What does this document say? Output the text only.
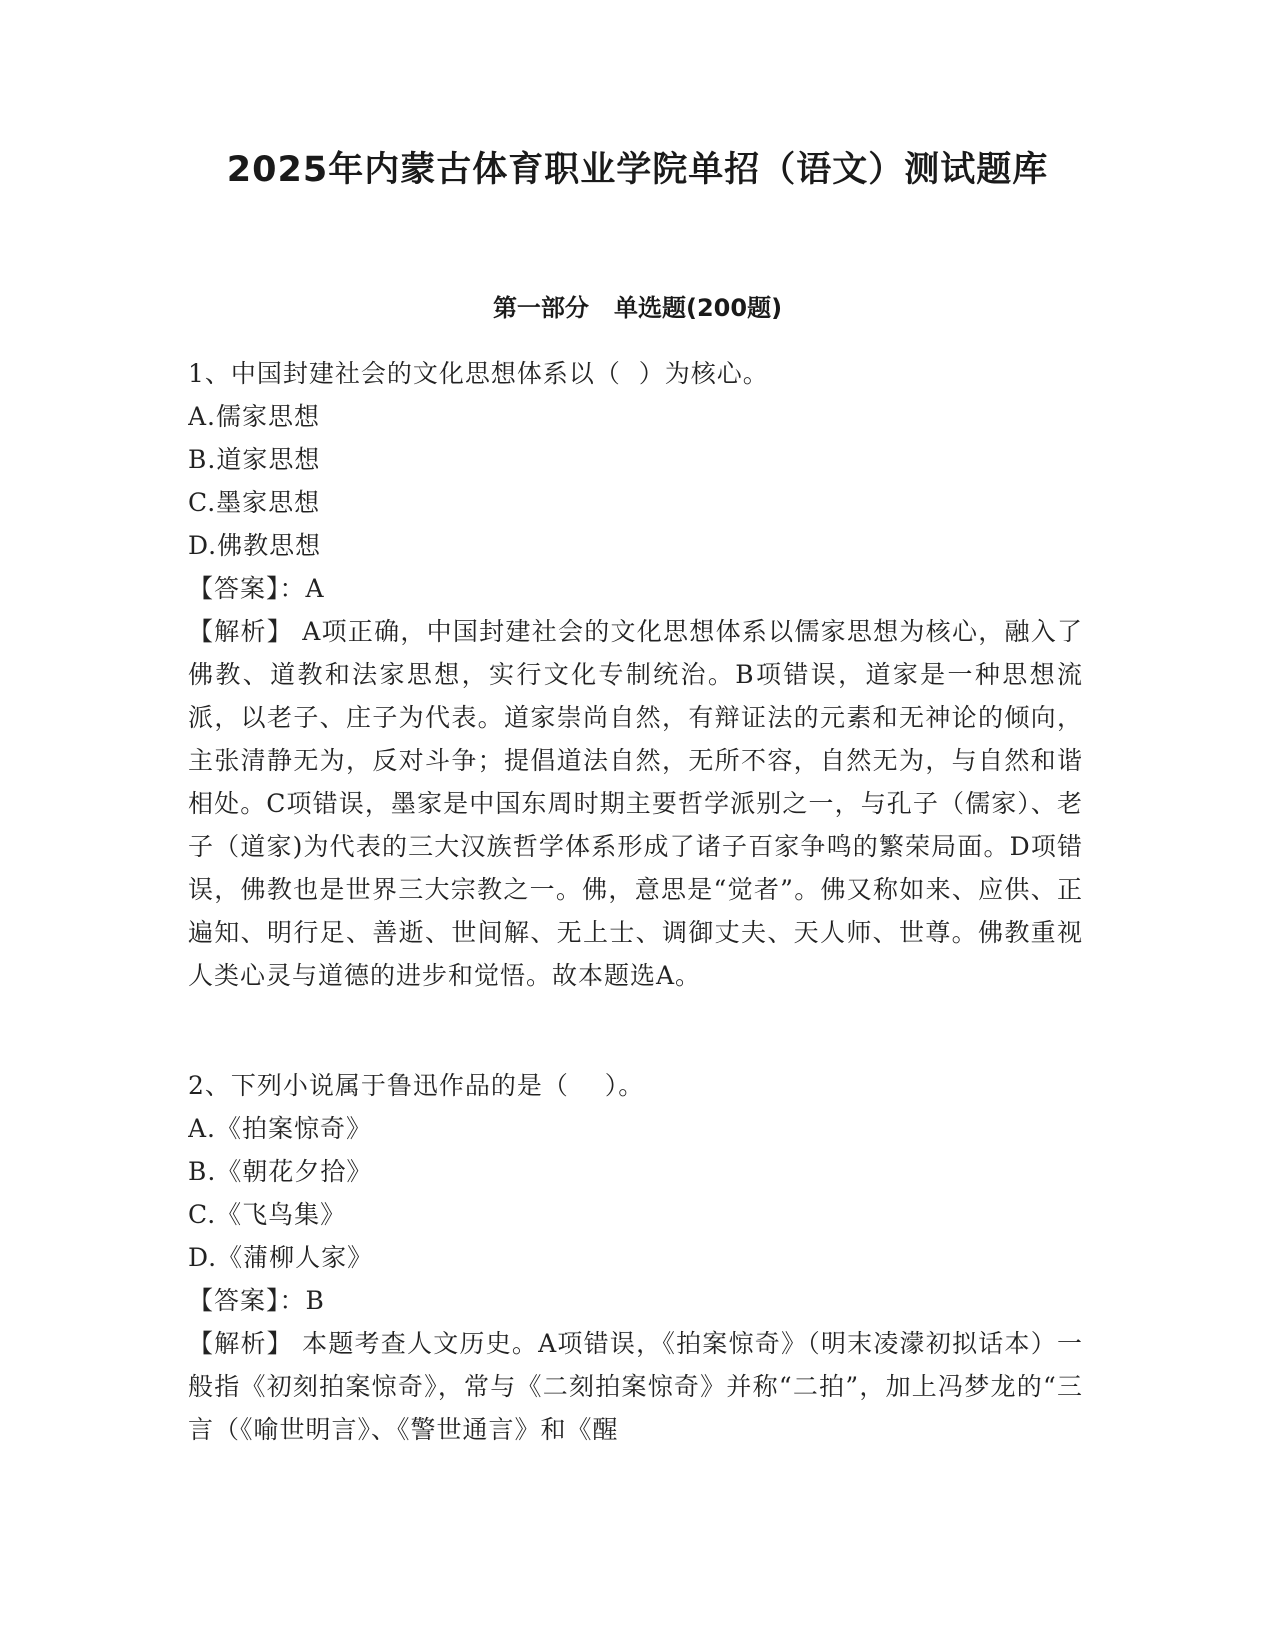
2025年内蒙古体育职业学院单招（语文）测试题库
第一部分   单选题(200题)
1、中国封建社会的文化思想体系以（  ）为核心。
A.儒家思想
B.道家思想
C.墨家思想
D.佛教思想
【答案】：A
【解析】 A项正确，中国封建社会的文化思想体系以儒家思想为核心，融入了佛教、道教和法家思想，实行文化专制统治。B项错误，道家是一种思想流派，以老子、庄子为代表。道家崇尚自然，有辩证法的元素和无神论的倾向，主张清静无为，反对斗争；提倡道法自然，无所不容，自然无为，与自然和谐相处。C项错误，墨家是中国东周时期主要哲学派别之一，与孔子（儒家）、老子（道家)为代表的三大汉族哲学体系形成了诸子百家争鸣的繁荣局面。D项错误，佛教也是世界三大宗教之一。佛，意思是“觉者”。佛又称如来、应供、正遍知、明行足、善逝、世间解、无上士、调御丈夫、天人师、世尊。佛教重视人类心灵与道德的进步和觉悟。故本题选A。
2、下列小说属于鲁迅作品的是（    ）。
A.《拍案惊奇》
B.《朝花夕拾》
C.《飞鸟集》
D.《蒲柳人家》
【答案】：B
【解析】 本题考查人文历史。A项错误，《拍案惊奇》（明末凌濛初拟话本）一般指《初刻拍案惊奇》，常与《二刻拍案惊奇》并称“二拍”，加上冯梦龙的“三言（《喻世明言》、《警世通言》和《醒
